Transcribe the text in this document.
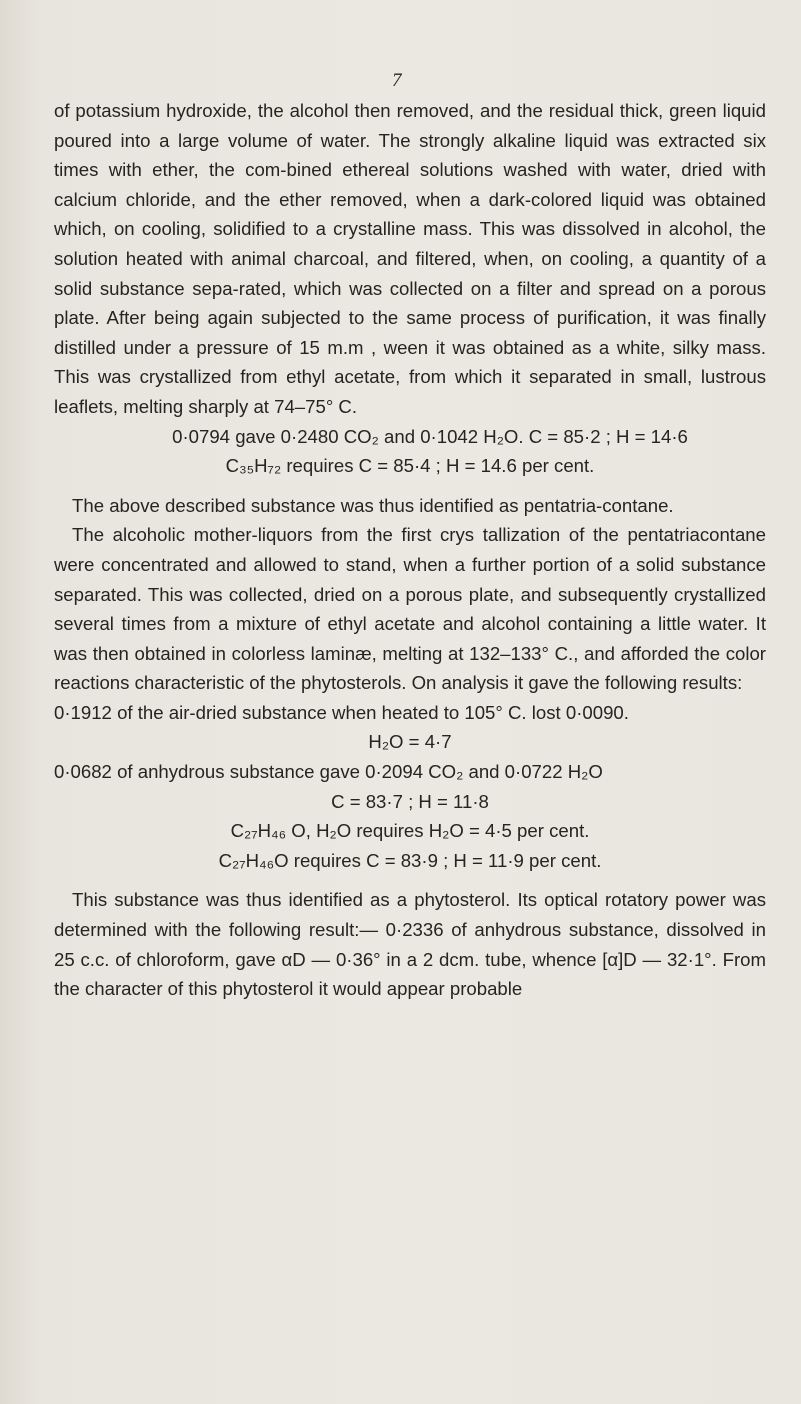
7

of potassium hydroxide, the alcohol then removed, and the residual thick, green liquid poured into a large volume of water. The strongly alkaline liquid was extracted six times with ether, the com-bined ethereal solutions washed with water, dried with calcium chloride, and the ether removed, when a dark-colored liquid was obtained which, on cooling, solidified to a crystalline mass. This was dissolved in alcohol, the solution heated with animal charcoal, and filtered, when, on cooling, a quantity of a solid substance sepa-rated, which was collected on a filter and spread on a porous plate. After being again subjected to the same process of purification, it was finally distilled under a pressure of 15 m.m , ween it was obtained as a white, silky mass. This was crystallized from ethyl acetate, from which it separated in small, lustrous leaflets, melting sharply at 74–75° C.

0·0794 gave 0·2480 CO₂ and 0·1042 H₂O. C = 85·2 ; H = 14·6

C₃₅H₇₂ requires C = 85·4 ; H = 14.6 per cent.

The above described substance was thus identified as pentatria-contane.

The alcoholic mother-liquors from the first crys tallization of the pentatriacontane were concentrated and allowed to stand, when a further portion of a solid substance separated. This was collected, dried on a porous plate, and subsequently crystallized several times from a mixture of ethyl acetate and alcohol containing a little water. It was then obtained in colorless laminæ, melting at 132–133° C., and afforded the color reactions characteristic of the phytosterols. On analysis it gave the following results:

0·1912 of the air-dried substance when heated to 105° C. lost 0·0090.

H₂O = 4·7

0·0682 of anhydrous substance gave 0·2094 CO₂ and 0·0722 H₂O

C = 83·7 ; H = 11·8

C₂₇H₄₆ O, H₂O requires H₂O = 4·5 per cent.

C₂₇H₄₆O requires C = 83·9 ; H = 11·9 per cent.

This substance was thus identified as a phytosterol. Its optical rotatory power was determined with the following result:— 0·2336 of anhydrous substance, dissolved in 25 c.c. of chloroform, gave αD — 0·36° in a 2 dcm. tube, whence [α]D — 32·1°. From the character of this phytosterol it would appear probable
